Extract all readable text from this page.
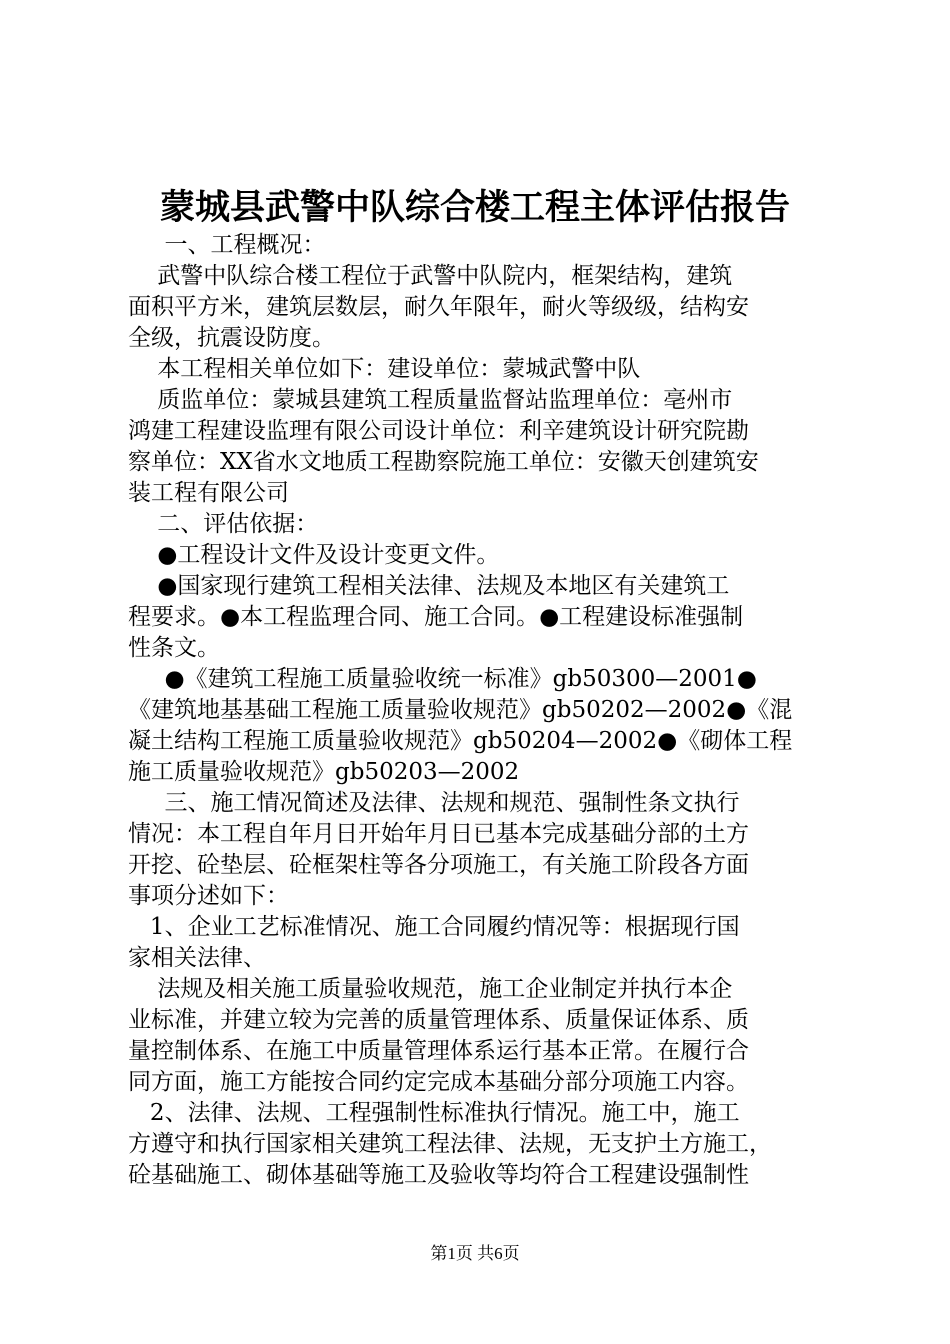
蒙城县武警中队综合楼工程主体评估报告
一、工程概况：
武警中队综合楼工程位于武警中队院内，框架结构，建筑
面积平方米，建筑层数层，耐久年限年，耐火等级级，结构安
全级，抗震设防度。
本工程相关单位如下：建设单位：蒙城武警中队
质监单位：蒙城县建筑工程质量监督站监理单位：亳州市
鸿建工程建设监理有限公司设计单位：利辛建筑设计研究院勘
察单位：XX省水文地质工程勘察院施工单位：安徽天创建筑安
装工程有限公司
二、评估依据：
●工程设计文件及设计变更文件。
●国家现行建筑工程相关法律、法规及本地区有关建筑工
程要求。●本工程监理合同、施工合同。●工程建设标准强制
性条文。
●《建筑工程施工质量验收统一标准》gb50300—2001●
《建筑地基基础工程施工质量验收规范》gb50202—2002●《混
凝土结构工程施工质量验收规范》gb50204—2002●《砌体工程
施工质量验收规范》gb50203—2002
三、施工情况简述及法律、法规和规范、强制性条文执行
情况：本工程自年月日开始年月日已基本完成基础分部的土方
开挖、砼垫层、砼框架柱等各分项施工，有关施工阶段各方面
事项分述如下：
1、企业工艺标准情况、施工合同履约情况等：根据现行国
家相关法律、
法规及相关施工质量验收规范，施工企业制定并执行本企
业标准，并建立较为完善的质量管理体系、质量保证体系、质
量控制体系、在施工中质量管理体系运行基本正常。在履行合
同方面，施工方能按合同约定完成本基础分部分项施工内容。
2、法律、法规、工程强制性标准执行情况。施工中，施工
方遵守和执行国家相关建筑工程法律、法规，无支护土方施工，
砼基础施工、砌体基础等施工及验收等均符合工程建设强制性
第1页 共6页
